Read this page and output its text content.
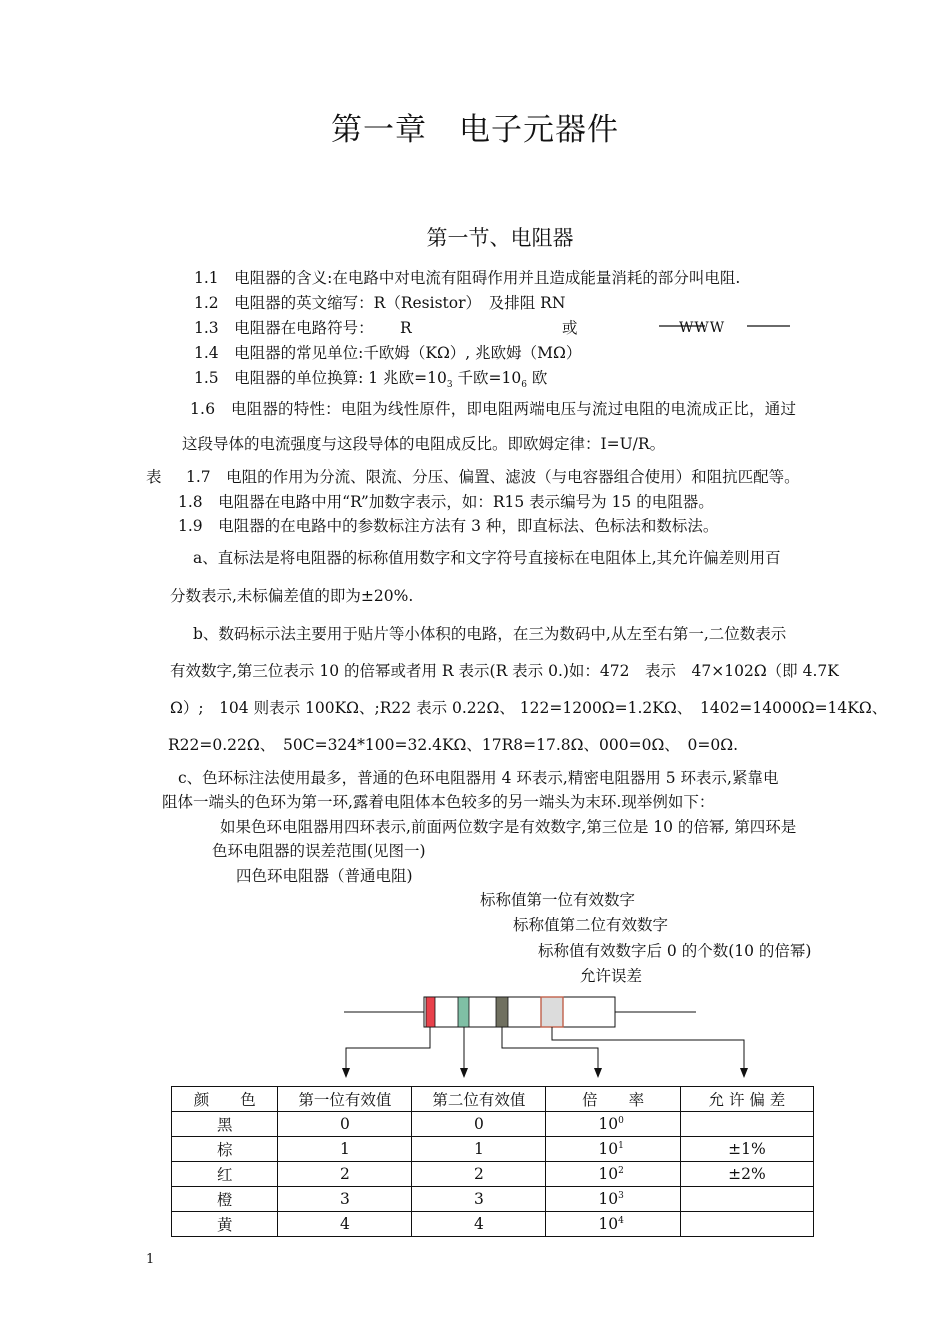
第一章　电子元器件
第一节、电阻器
1.1　电阻器的含义:在电路中对电流有阻碍作用并且造成能量消耗的部分叫电阻.
1.2　电阻器的英文缩写：R（Resistor）　及排阻 RN
1.3　电阻器在电路符号： R	或	WWW
1.4　电阻器的常见单位:千欧姆（KΩ）, 兆欧姆（MΩ）
1.5　电阻器的单位换算: 1 兆欧$=10_3$ 千欧$=10_6$ 欧
1.6　电阻器的特性：电阻为线性原件，即电阻两端电压与流过电阻的电流成正比，通过
这段导体的电流强度与这段导体的电阻成反比。即欧姆定律：I=U/R。
表 1.7　电阻的作用为分流、限流、分压、偏置、滤波（与电容器组合使用）和阻抗匹配等。
1.8　电阻器在电路中用“R”加数字表示，如：R15 表示编号为 15 的电阻器。
1.9　电阻器的在电路中的参数标注方法有 3 种，即直标法、色标法和数标法。
a、直标法是将电阻器的标称值用数字和文字符号直接标在电阻体上,其允许偏差则用百
分数表示,未标偏差值的即为±20%.
b、数码标示法主要用于贴片等小体积的电路，在三为数码中,从左至右第一,二位数表示
有效数字,第三位表示 10 的倍幂或者用 R 表示(R 表示 0.)如：472　表示　47×102Ω（即 4.7K
Ω）;　104 则表示 100KΩ、;R22 表示 0.22Ω、 122=1200Ω=1.2KΩ、　1402=14000Ω=14KΩ、
R22=0.22Ω、　50C=324*100=32.4KΩ、17R8=17.8Ω、000=0Ω、　0=0Ω.
c、色环标注法使用最多，普通的色环电阻器用 4 环表示,精密电阻器用 5 环表示,紧靠电
阻体一端头的色环为第一环,露着电阻体本色较多的另一端头为末环.现举例如下：
如果色环电阻器用四环表示,前面两位数字是有效数字,第三位是 10 的倍幂, 第四环是
色环电阻器的误差范围(见图一)
四色环电阻器（普通电阻)
标称值第一位有效数字
标称值第二位有效数字
标称值有效数字后 0 的个数(10 的倍幂)
允许误差
颜　　色	第一位有效值	第二位有效值	倍　　率	允 许 偏 差
黑	0	0	$10^0$	
棕	1	1	$10^1$	±1%
红	2	2	$10^2$	±2%
橙	3	3	$10^3$	
黄	4	4	$10^4$	
1
